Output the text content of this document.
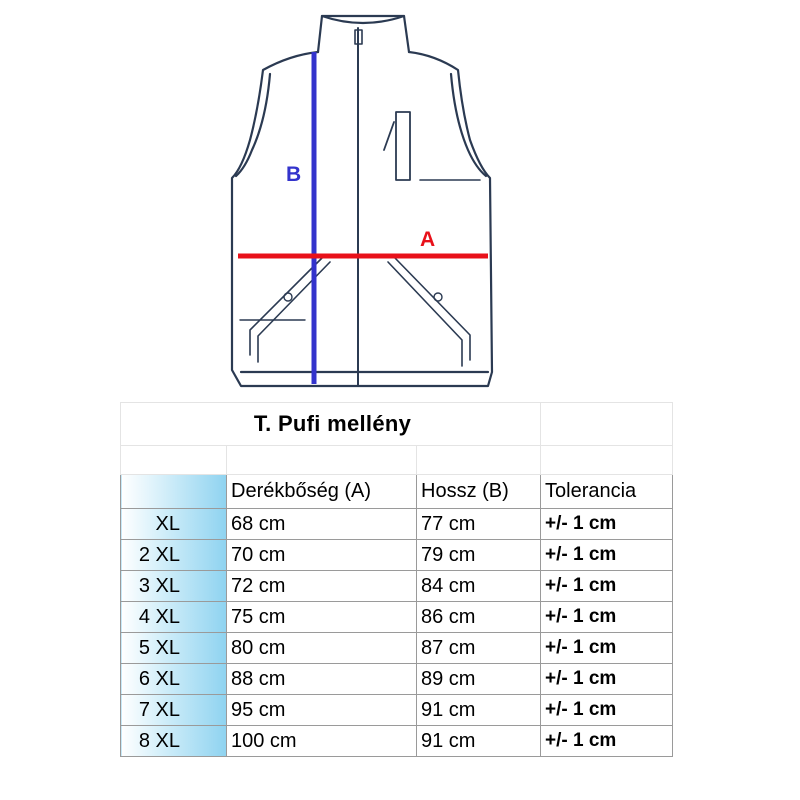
B
A
T. Pufi mellény			

	Derékbőség (A)	Hossz (B)	Tolerancia
XL	68 cm	77 cm	+/- 1 cm
2 XL	70 cm	79 cm	+/- 1 cm
3 XL	72 cm	84 cm	+/- 1 cm
4 XL	75 cm	86 cm	+/- 1 cm
5 XL	80 cm	87 cm	+/- 1 cm
6 XL	88 cm	89 cm	+/- 1 cm
7 XL	95 cm	91 cm	+/- 1 cm
8 XL	100 cm	91 cm	+/- 1 cm
